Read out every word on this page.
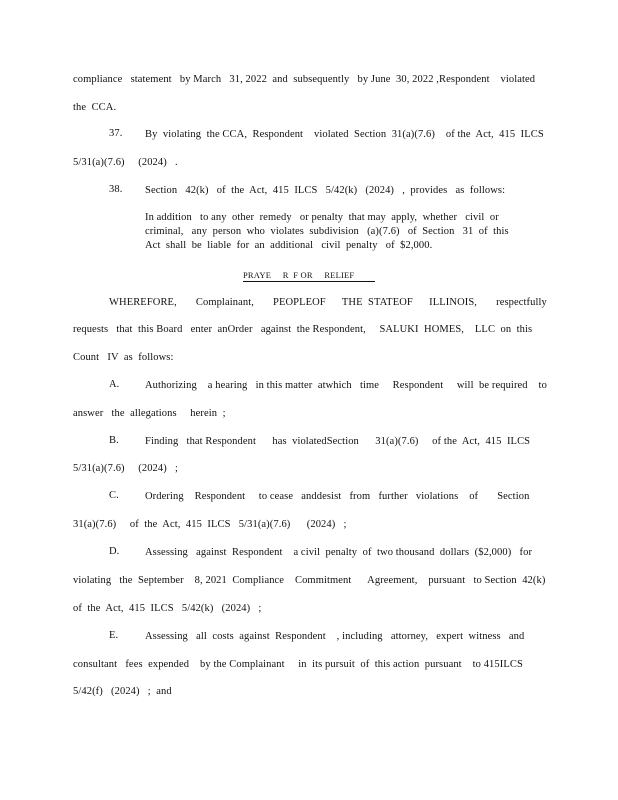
compliance   statement   by March   31, 2022  and  subsequently   by June  30, 2022 ,Respondent    violated
the  CCA.
37.	By  violating  the CCA,  Respondent    violated  Section  31(a)(7.6)    of the  Act,  415  ILCS
5/31(a)(7.6)     (2024)   .
38.	Section   42(k)   of  the  Act,  415  ILCS   5/42(k)   (2024)   ,  provides   as  follows:
In addition   to any  other  remedy   or penalty  that may  apply,  whether   civil  or
criminal,   any  person  who  violates  subdivision   (a)(7.6)   of  Section   31  of  this
Act  shall  be  liable  for  an  additional   civil  penalty   of  $2,000.
PRAYE     R  F OR     RELIEF
WHEREFORE,       Complainant,       PEOPLEOF      THE  STATEOF      ILLINOIS,       respectfully
requests   that  this Board   enter  anOrder   against  the Respondent,     SALUKI  HOMES,    LLC  on  this
Count   IV  as  follows:
A.	Authorizing    a hearing   in this matter  atwhich   time     Respondent     will  be required    to
answer   the  allegations     herein  ;
B.	Finding   that Respondent      has  violatedSection      31(a)(7.6)     of the  Act,  415  ILCS
5/31(a)(7.6)     (2024)   ;
C.	Ordering    Respondent     to cease   anddesist   from   further   violations    of       Section
31(a)(7.6)     of  the  Act,  415  ILCS   5/31(a)(7.6)      (2024)   ;
D.	Assessing   against  Respondent    a civil  penalty  of  two thousand  dollars  ($2,000)   for
violating   the  September    8, 2021  Compliance    Commitment      Agreement,    pursuant   to Section  42(k)
of  the  Act,  415  ILCS   5/42(k)   (2024)   ;
E.	Assessing   all  costs  against  Respondent    , including   attorney,   expert  witness   and
consultant   fees  expended    by the Complainant     in  its pursuit  of  this action  pursuant    to 415ILCS
5/42(f)   (2024)   ;  and
